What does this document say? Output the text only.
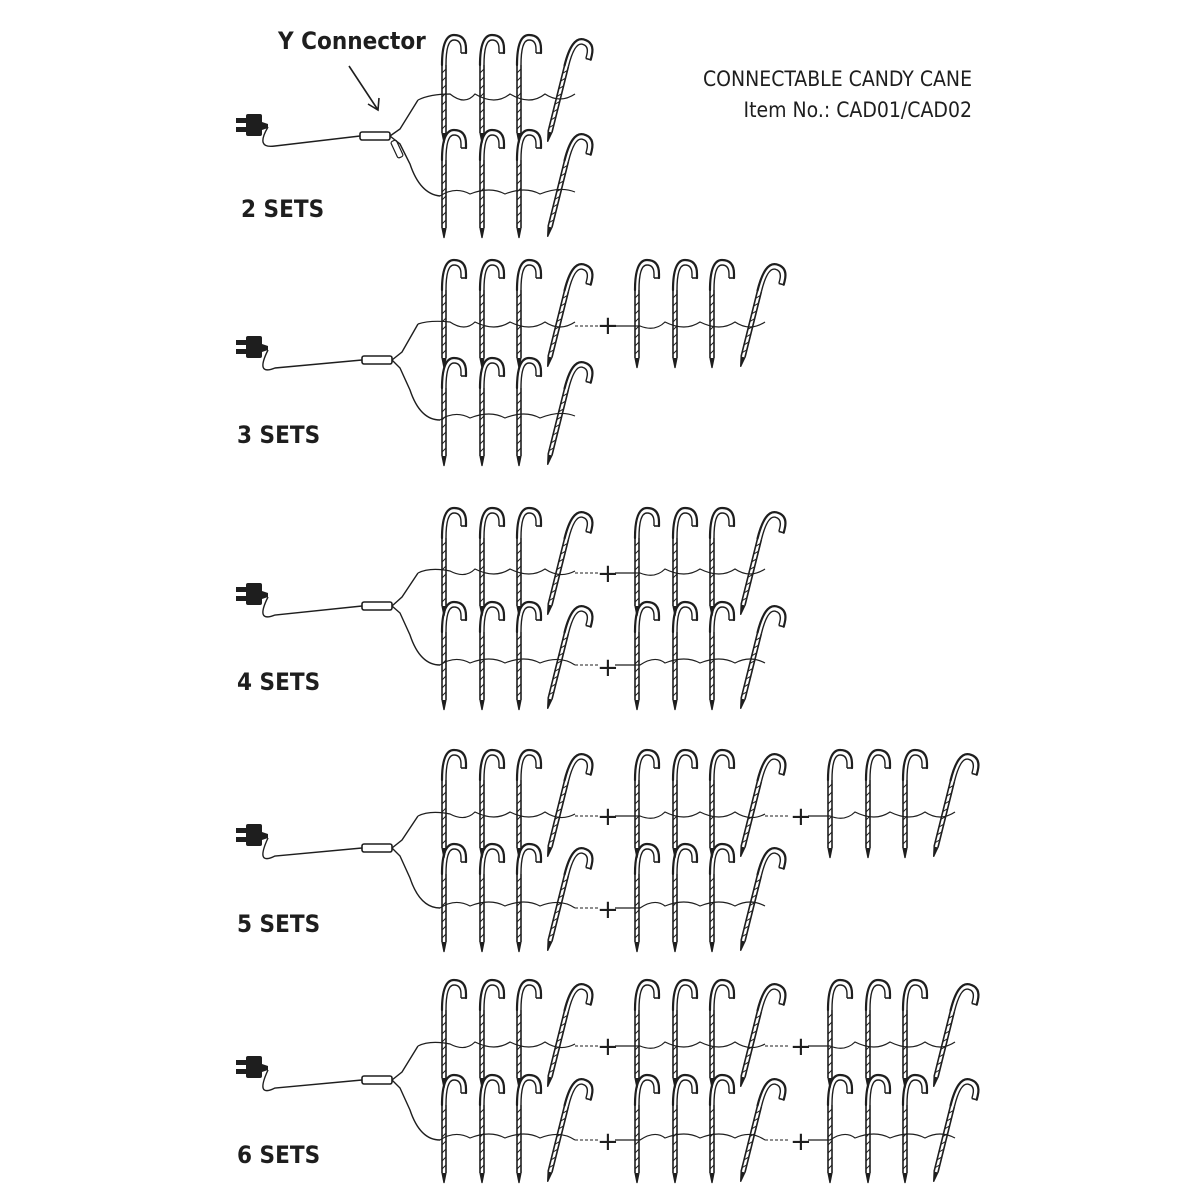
CONNECTABLE CANDY CANE
Item No.: CAD01/CAD02
Y Connector
2 SETS
3 SETS
+
4 SETS
+
+
5 SETS
+	+
+
6 SETS
+	+
+	+
